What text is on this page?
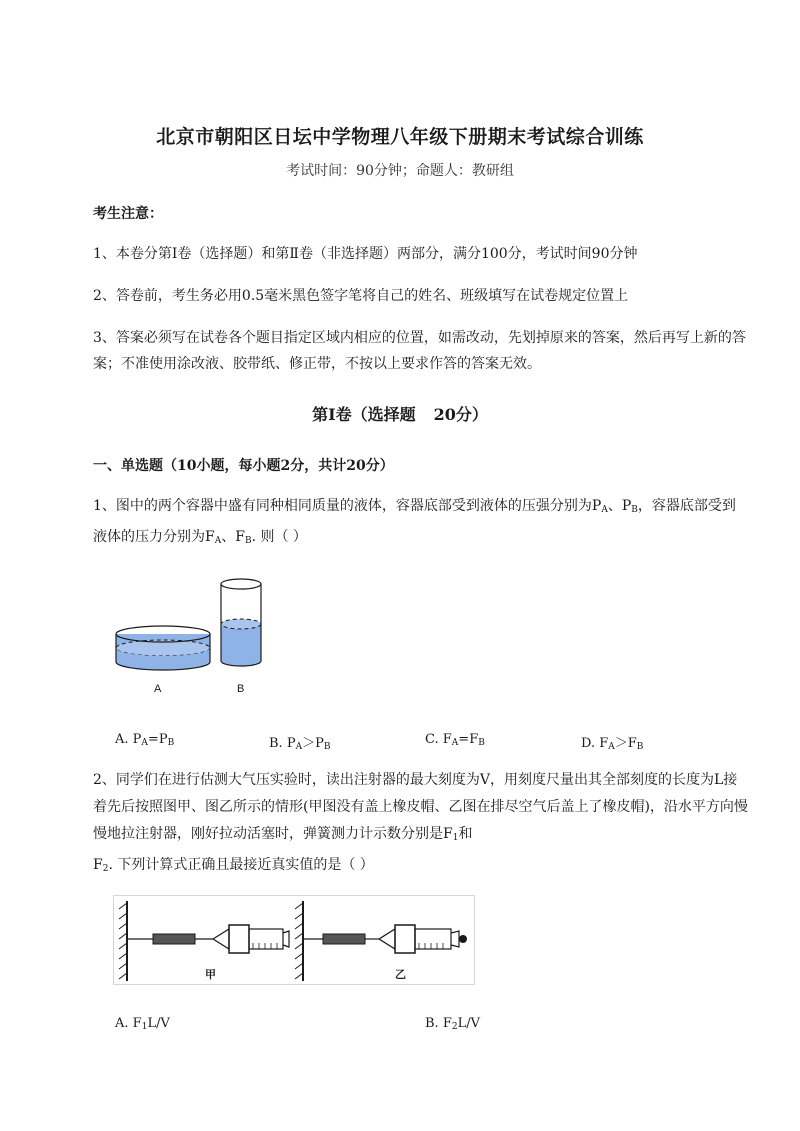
北京市朝阳区日坛中学物理八年级下册期末考试综合训练
考试时间：90分钟；命题人：教研组
考生注意：
1、本卷分第I卷（选择题）和第Ⅱ卷（非选择题）两部分，满分100分，考试时间90分钟
2、答卷前，考生务必用0.5毫米黑色签字笔将自己的姓名、班级填写在试卷规定位置上
3、答案必须写在试卷各个题目指定区域内相应的位置，如需改动，先划掉原来的答案，然后再写上新的答案；不准使用涂改液、胶带纸、修正带，不按以上要求作答的答案无效。
第I卷（选择题 20分）
一、单选题（10小题，每小题2分，共计20分）
1、图中的两个容器中盛有同种相同质量的液体，容器底部受到液体的压强分别为$P_A$、$P_B$，容器底部受到液体的压力分别为$F_A$、$F_B$. 则（ ）
A	B
A. $P_A=P_B$	B. $P_A>P_B$	C. $F_A=F_B$	D. $F_A>F_B$
2、同学们在进行估测大气压实验时，读出注射器的最大刻度为V，用刻度尺量出其全部刻度的长度为L接着先后按照图甲、图乙所示的情形(甲图没有盖上橡皮帽、乙图在排尽空气后盖上了橡皮帽)，沿水平方向慢慢地拉注射器，刚好拉动活塞时，弹簧测力计示数分别是$F_1$和$F_2$. 下列计算式正确且最接近真实值的是（ ）
甲	乙
A. $F_1L/V$	B. $F_2L/V$
